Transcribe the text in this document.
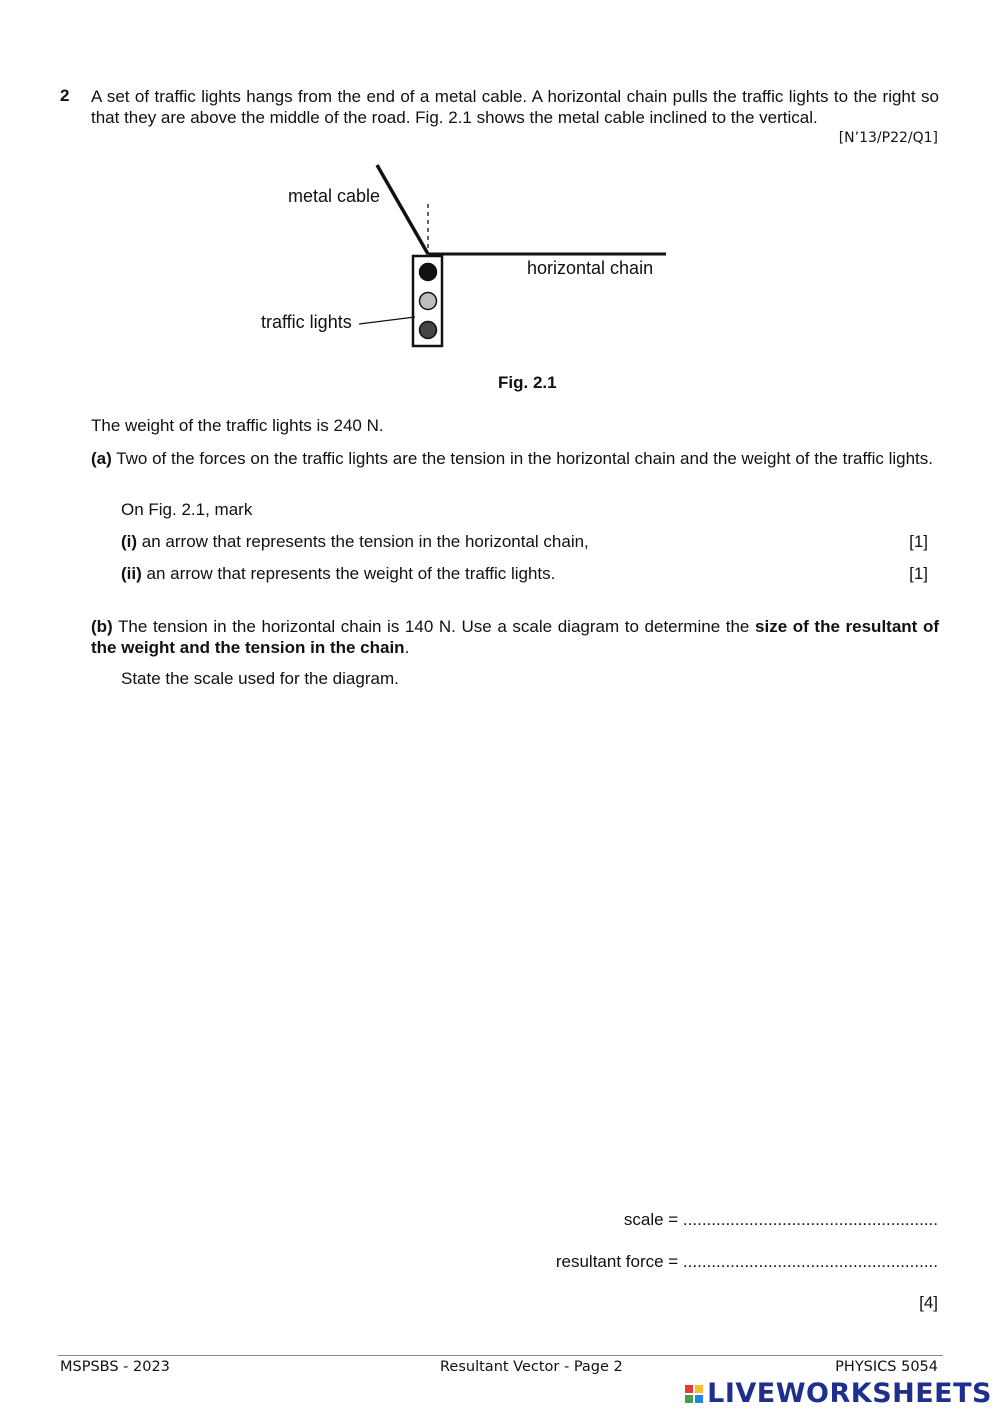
2 A set of traffic lights hangs from the end of a metal cable. A horizontal chain pulls the traffic lights to the right so that they are above the middle of the road. Fig. 2.1 shows the metal cable inclined to the vertical.
[N’13/P22/Q1]
metal cable
horizontal chain
traffic lights
Fig. 2.1
The weight of the traffic lights is 240 N.
(a) Two of the forces on the traffic lights are the tension in the horizontal chain and the weight of the traffic lights.
On Fig. 2.1, mark
(i) an arrow that represents the tension in the horizontal chain,	[1]
(ii) an arrow that represents the weight of the traffic lights.	[1]
(b) The tension in the horizontal chain is 140 N. Use a scale diagram to determine the size of the resultant of the weight and the tension in the chain.
State the scale used for the diagram.
scale = ......................................................
resultant force = ......................................................
[4]
MSPSBS - 2023	Resultant Vector - Page 2	PHYSICS 5054
LIVEWORKSHEETS
